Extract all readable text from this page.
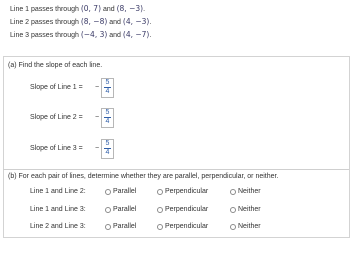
Line 1 passes through (0, 7) and (8, −3).
Line 2 passes through (8, −8) and (4, −3).
Line 3 passes through (−4, 3) and (4, −7).
(a) Find the slope of each line.
Slope of Line 1 = −
5
4
Slope of Line 2 = −
5
4
Slope of Line 3 = −
5
4
(b) For each pair of lines, determine whether they are parallel, perpendicular, or neither.
Line 1 and Line 2:	Parallel	Perpendicular	Neither
Line 1 and Line 3:	Parallel	Perpendicular	Neither
Line 2 and Line 3:	Parallel	Perpendicular	Neither
